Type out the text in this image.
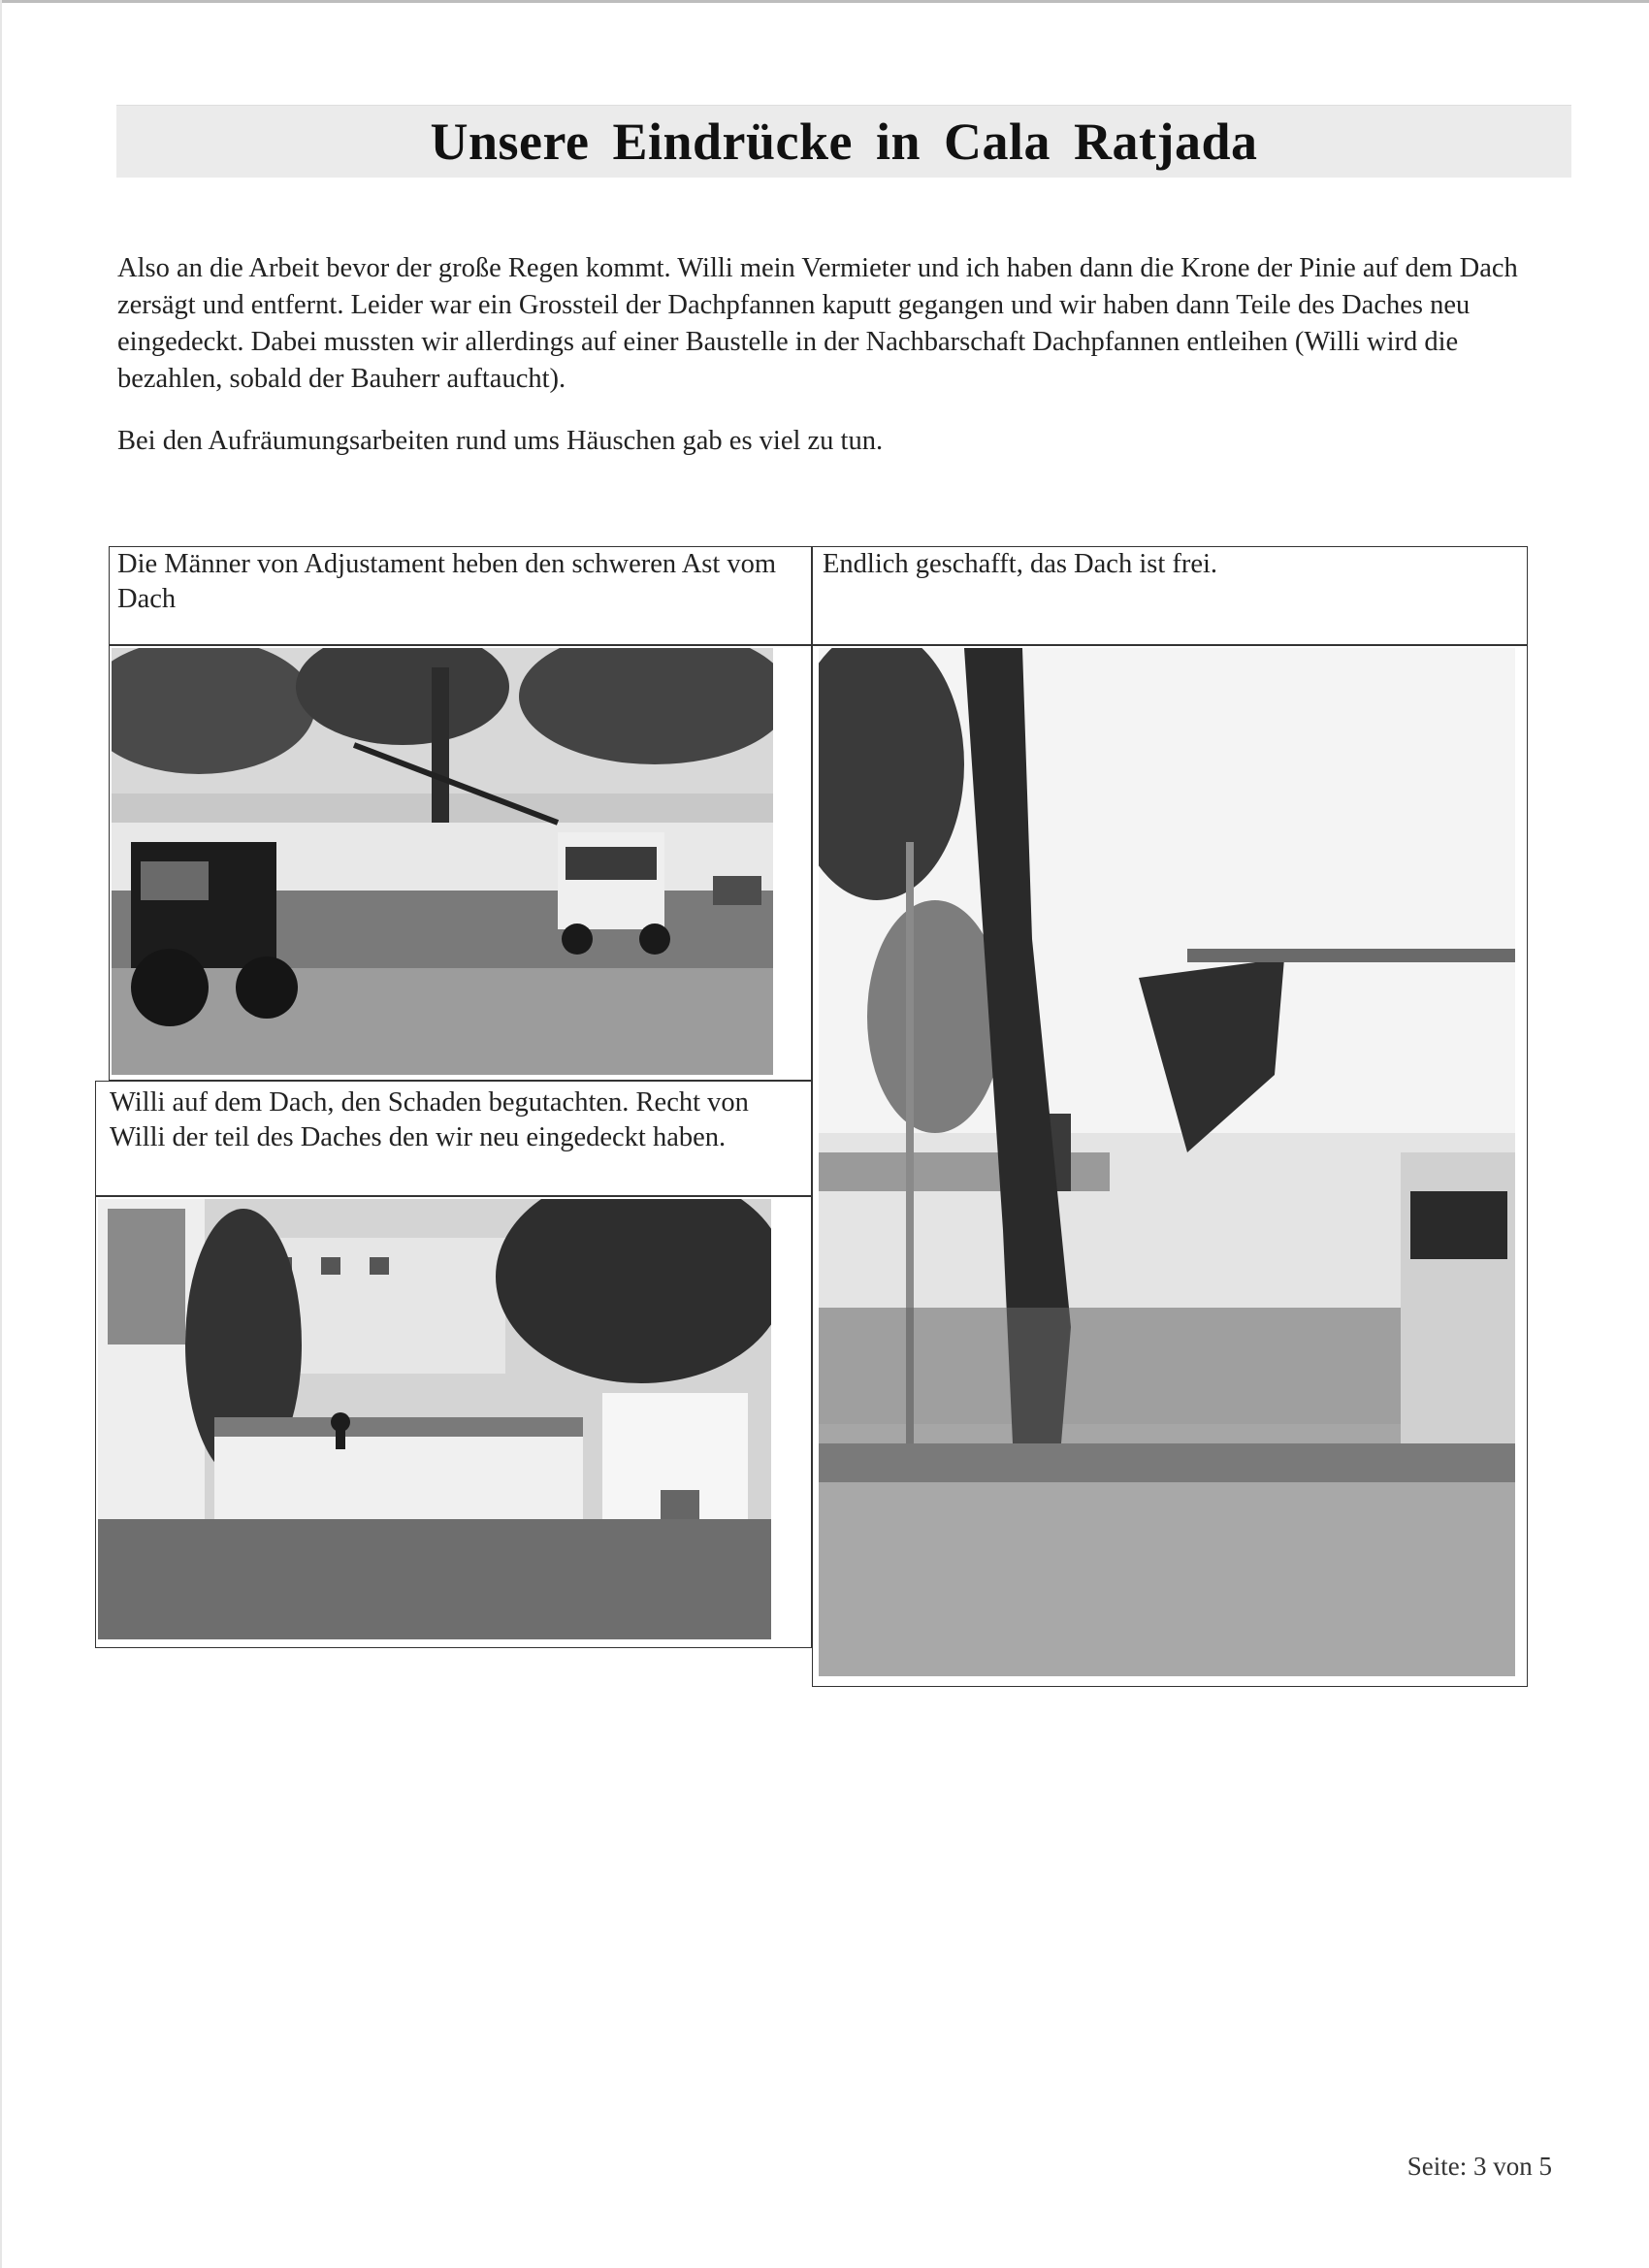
Unsere Eindrücke in Cala Ratjada

Also an die Arbeit bevor der große Regen kommt. Willi mein Vermieter und ich haben dann die Krone der Pinie auf dem Dach zersägt und entfernt. Leider war ein Grossteil der Dachpfannen kaputt gegangen und wir haben dann Teile des Daches neu eingedeckt. Dabei mussten wir allerdings auf einer Baustelle in der Nachbarschaft Dachpfannen entleihen (Willi wird die bezahlen, sobald der Bauherr auftaucht).

Bei den Aufräumungsarbeiten rund ums Häuschen gab es viel zu tun.

Die Männer von Adjustament heben den schweren Ast vom Dach
Endlich geschafft, das Dach ist frei.
Willi auf dem Dach, den Schaden begutachten. Recht von Willi der teil des Daches den wir neu eingedeckt haben.
Seite: 3 von 5
